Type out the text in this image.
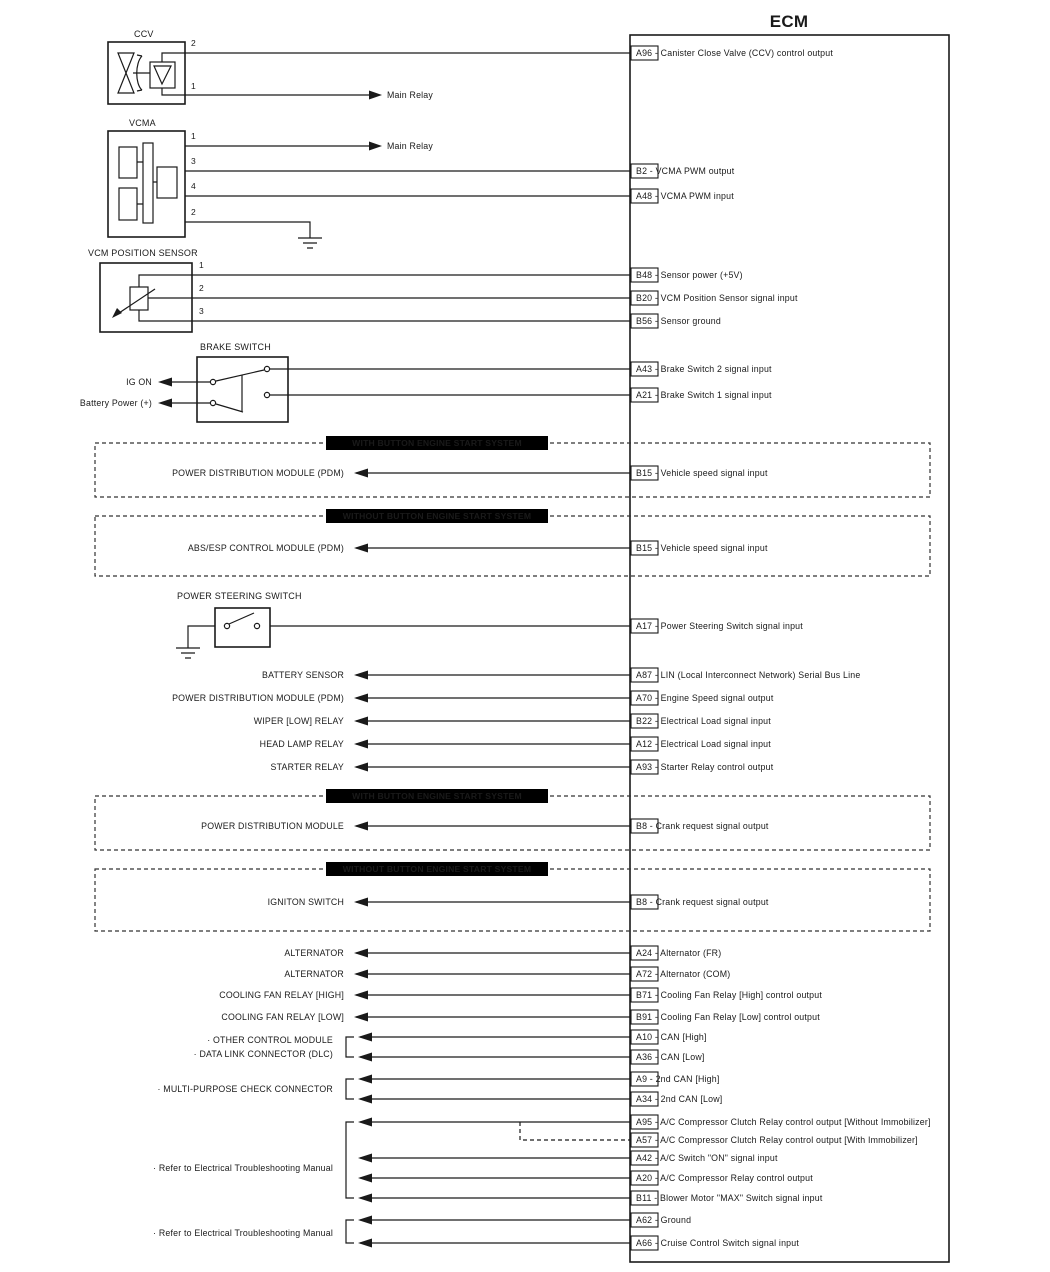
ECM
CCV
VCMA
VCM POSITION SENSOR
BRAKE SWITCH
IG ON
Battery Power (+)
POWER STEERING SWITCH
WITH BUTTON ENGINE START SYSTEM
POWER DISTRIBUTION MODULE (PDM)
WITHOUT BUTTON ENGINE START SYSTEM
ABS/ESP CONTROL MODULE (PDM)
WITH BUTTON ENGINE START SYSTEM
POWER DISTRIBUTION MODULE
WITHOUT BUTTON ENGINE START SYSTEM
IGNITON SWITCH
BATTERY SENSOR
POWER DISTRIBUTION MODULE (PDM)
WIPER [LOW] RELAY
HEAD LAMP RELAY
STARTER RELAY
ALTERNATOR
ALTERNATOR
COOLING FAN RELAY [HIGH]
COOLING FAN RELAY [LOW]
· OTHER CONTROL MODULE
· DATA LINK CONNECTOR (DLC)
· MULTI-PURPOSE CHECK CONNECTOR
· Refer to Electrical Troubleshooting Manual
· Refer to Electrical Troubleshooting Manual
Main Relay
Main Relay
2
1
1
3
4
2
1
2
3
A96 - Canister Close Valve (CCV) control output
B2 - VCMA PWM output
A48 - VCMA PWM input
B48 - Sensor power (+5V)
B20 - VCM Position Sensor signal input
B56 - Sensor ground
A43 - Brake Switch 2 signal input
A21 - Brake Switch 1 signal input
B15 - Vehicle speed signal input
B15 - Vehicle speed signal input
A17 - Power Steering Switch signal input
A87 - LIN (Local Interconnect Network) Serial Bus Line
A70 - Engine Speed signal output
B22 - Electrical Load signal input
A12 - Electrical Load signal input
A93 - Starter Relay control output
B8 - Crank request signal output
B8 - Crank request signal output
A24 - Alternator (FR)
A72 - Alternator (COM)
B71 - Cooling Fan Relay [High] control output
B91 - Cooling Fan Relay [Low] control output
A10 - CAN [High]
A36 - CAN [Low]
A9 - 2nd CAN [High]
A34 - 2nd CAN [Low]
A95 - A/C Compressor Clutch Relay control output [Without Immobilizer]
A57 - A/C Compressor Clutch Relay control output [With Immobilizer]
A42 - A/C Switch "ON" signal input
A20 - A/C Compressor Relay control output
B11 - Blower Motor "MAX" Switch signal input
A62 - Ground
A66 - Cruise Control Switch signal input
